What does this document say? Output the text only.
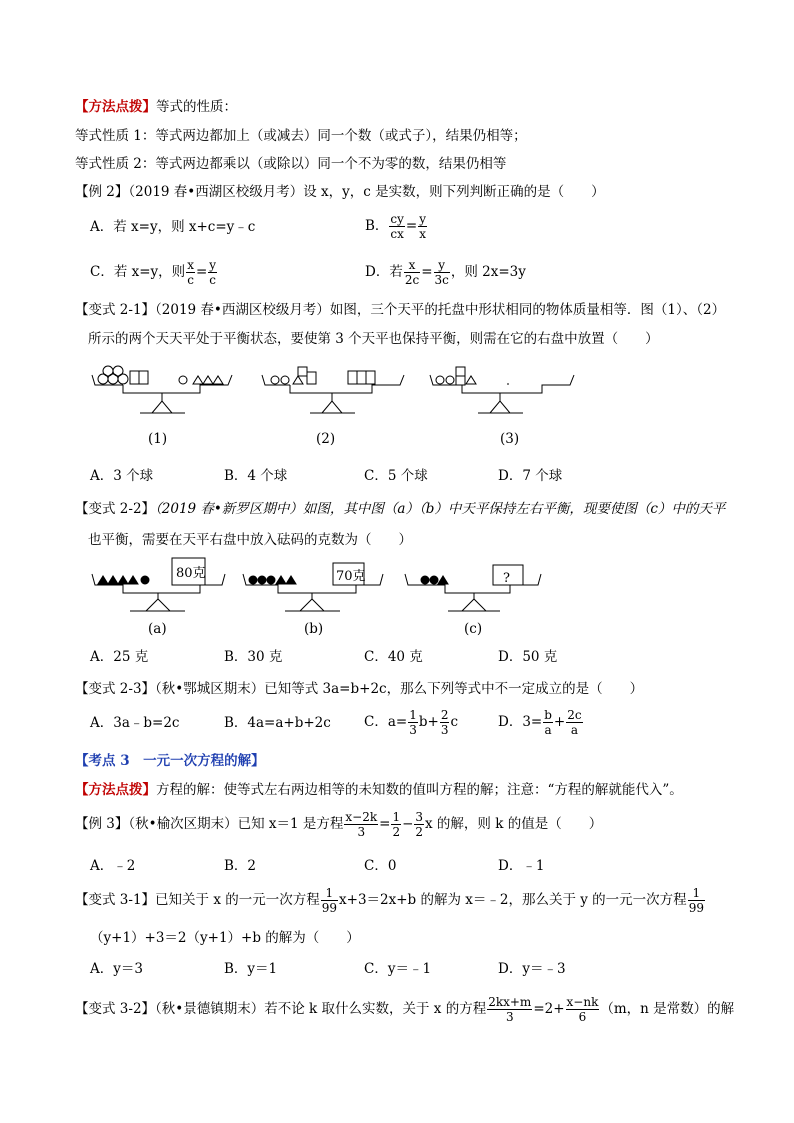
【方法点拨】等式的性质：
等式性质 1：等式两边都加上（或减去）同一个数（或式子），结果仍相等；
等式性质 2：等式两边都乘以（或除以）同一个不为零的数，结果仍相等
【例 2】（2019 春•西湖区校级月考）设 x，y，c 是实数，则下列判断正确的是（　　）
A．若 x=y，则 x+c=y﹣c	B． $\frac{cy}{cx} = \frac{y}{x}$
C．若 x=y，则 $\frac{x}{c} = \frac{y}{c}$	D．若 $\frac{x}{2c} = \frac{y}{3c}$ ，则 2x=3y
【变式 2-1】（2019 春•西湖区校级月考）如图，三个天平的托盘中形状相同的物体质量相等．图（1）、（2）
所示的两个天天平处于平衡状态，要使第 3 个天平也保持平衡，则需在它的右盘中放置（　　）
(1)	(2)	(3)
A．3 个球	B．4 个球	C．5 个球	D．7 个球
【变式 2-2】（2019 春•新罗区期中）如图，其中图（a）（b）中天平保持左右平衡，现要使图（c）中的天平
也平衡，需要在天平右盘中放入砝码的克数为（　　）
80克	70克	?
(a)	(b)	(c)
A．25 克	B．30 克	C．40 克	D．50 克
【变式 2-3】（秋•鄂城区期末）已知等式 3a=b+2c，那么下列等式中不一定成立的是（　　）
A．3a﹣b=2c	B．4a=a+b+2c C．$a= \frac{1}{3} b+ \frac{2}{3}$ c	D．$3= \frac{b}{a} + \frac{2c}{a}$
【考点 3　一元一次方程的解】
【方法点拨】方程的解：使等式左右两边相等的未知数的值叫方程的解；注意：“方程的解就能代入”。
【例 3】（秋•榆次区期末）已知 x＝1 是方程 $\frac{x-2k}{3} = \frac{1}{2} - \frac{3}{2}$ x 的解，则 k 的值是（　　）
A．﹣2	B．2	C．0	D．﹣1
【变式 3-1】已知关于 x 的一元一次方程 $\frac{1}{99} x+3=2x+b$ 的解为 x＝﹣2，那么关于 y 的一元一次方程 $\frac{1}{99}$
（y+1）+3＝2（y+1）+b 的解为（　　）
A．y＝3	B．y＝1	C．y＝﹣1	D．y＝﹣3
【变式 3-2】（秋•景德镇期末）若不论 k 取什么实数，关于 x 的方程 $\frac{2kx+m}{3} =2+ \frac{x-nk}{6} (m$，n 是常数）的解
